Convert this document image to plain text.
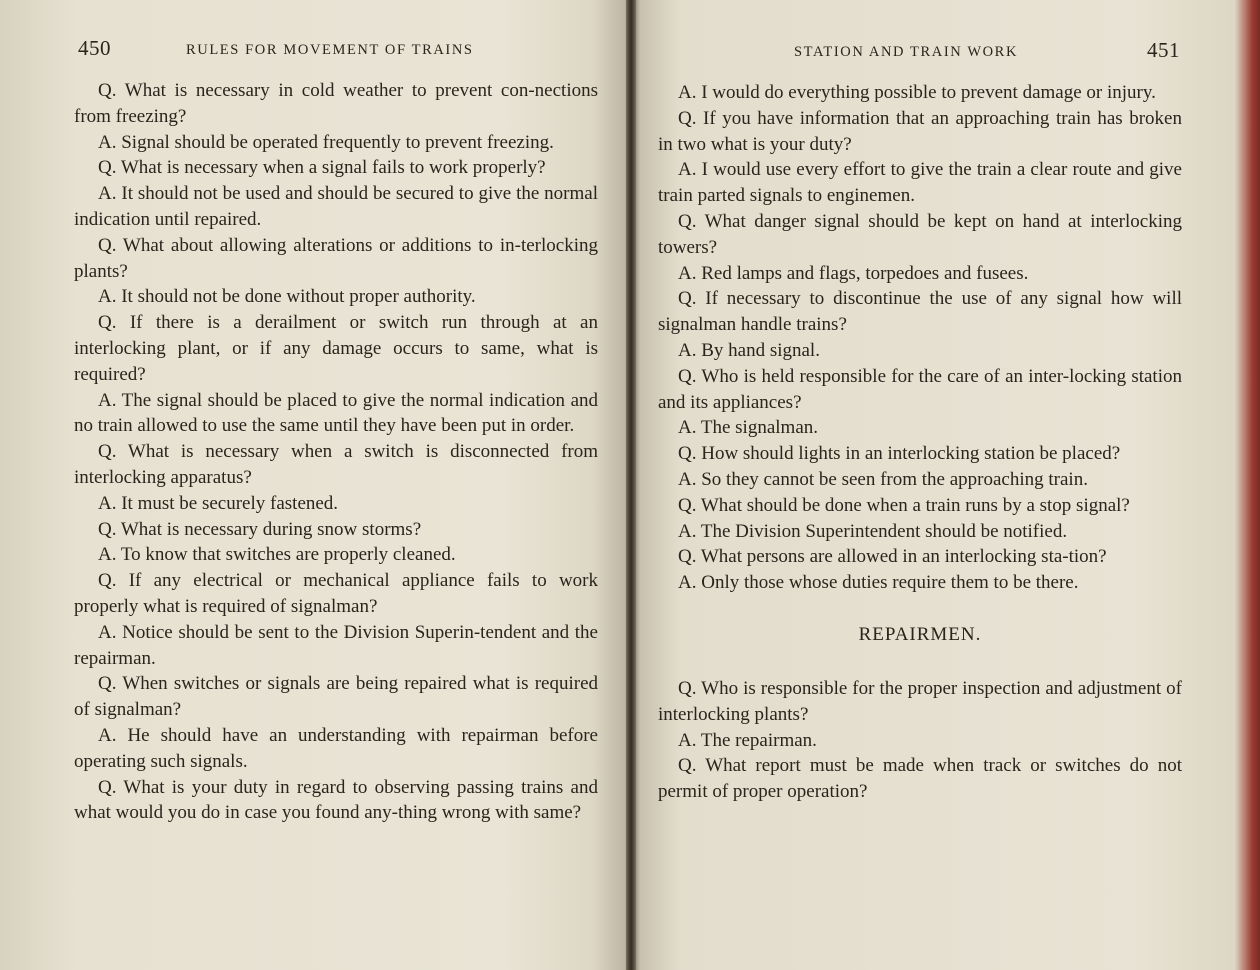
450	RULES FOR MOVEMENT OF TRAINS

Q. What is necessary in cold weather to prevent con-nections from freezing?

A. Signal should be operated frequently to prevent freezing.

Q. What is necessary when a signal fails to work properly?

A. It should not be used and should be secured to give the normal indication until repaired.

Q. What about allowing alterations or additions to in-terlocking plants?

A. It should not be done without proper authority.

Q. If there is a derailment or switch run through at an interlocking plant, or if any damage occurs to same, what is required?

A. The signal should be placed to give the normal indication and no train allowed to use the same until they have been put in order.

Q. What is necessary when a switch is disconnected from interlocking apparatus?

A. It must be securely fastened.

Q. What is necessary during snow storms?

A. To know that switches are properly cleaned.

Q. If any electrical or mechanical appliance fails to work properly what is required of signalman?

A. Notice should be sent to the Division Superin-tendent and the repairman.

Q. When switches or signals are being repaired what is required of signalman?

A. He should have an understanding with repairman before operating such signals.

Q. What is your duty in regard to observing passing trains and what would you do in case you found any-thing wrong with same?

STATION AND TRAIN WORK	451

A. I would do everything possible to prevent damage or injury.

Q. If you have information that an approaching train has broken in two what is your duty?

A. I would use every effort to give the train a clear route and give train parted signals to enginemen.

Q. What danger signal should be kept on hand at interlocking towers?

A. Red lamps and flags, torpedoes and fusees.

Q. If necessary to discontinue the use of any signal how will signalman handle trains?

A. By hand signal.

Q. Who is held responsible for the care of an inter-locking station and its appliances?

A. The signalman.

Q. How should lights in an interlocking station be placed?

A. So they cannot be seen from the approaching train.

Q. What should be done when a train runs by a stop signal?

A. The Division Superintendent should be notified.

Q. What persons are allowed in an interlocking sta-tion?

A. Only those whose duties require them to be there.

REPAIRMEN.

Q. Who is responsible for the proper inspection and adjustment of interlocking plants?

A. The repairman.

Q. What report must be made when track or switches do not permit of proper operation?
